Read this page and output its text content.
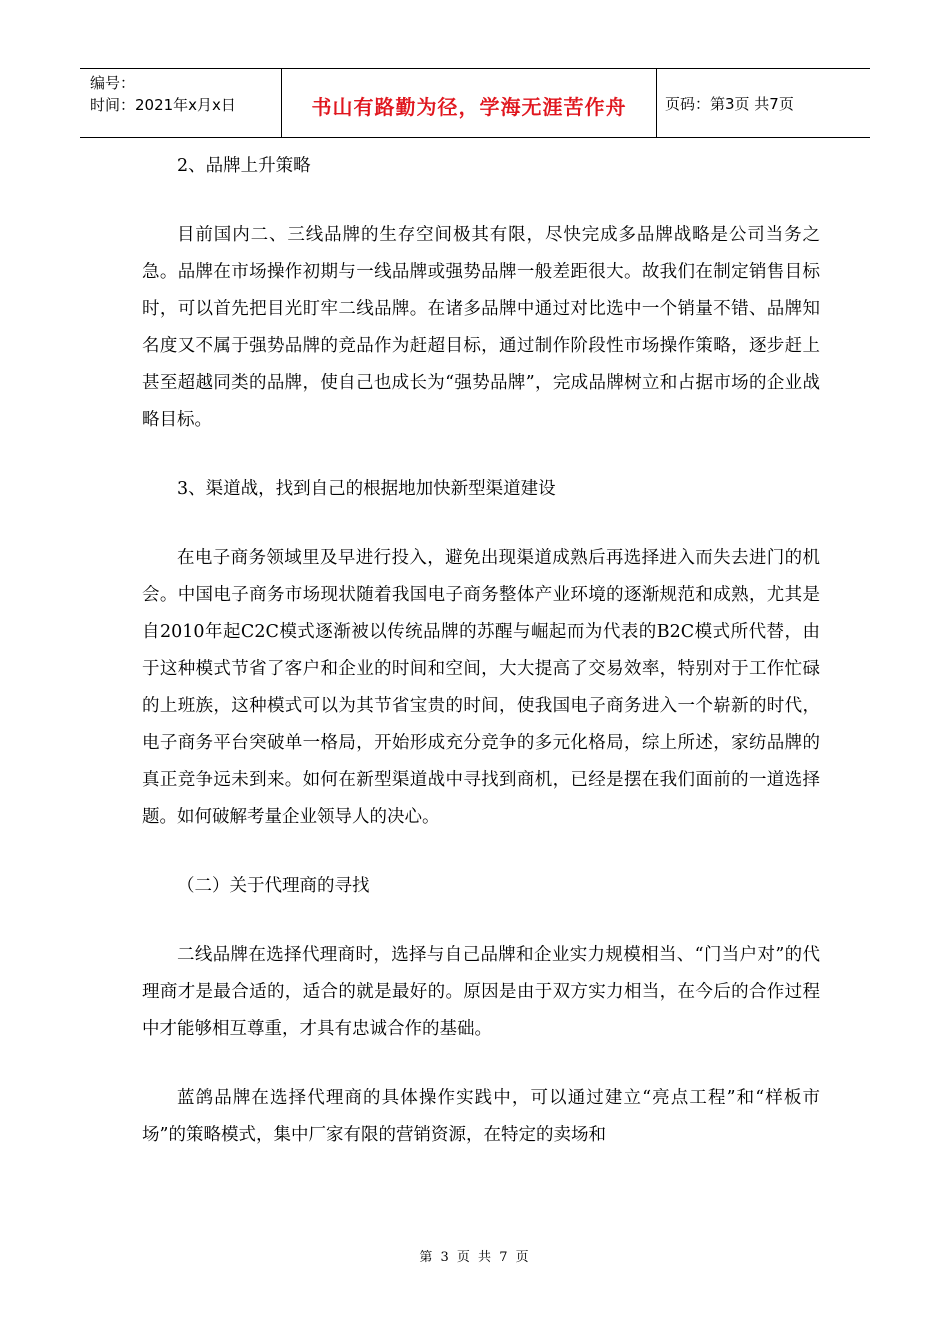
编号：
时间：2021年x月x日	书山有路勤为径，学海无涯苦作舟	页码：第3页 共7页

2、品牌上升策略

目前国内二、三线品牌的生存空间极其有限，尽快完成多品牌战略是公司当务之急。品牌在市场操作初期与一线品牌或强势品牌一般差距很大。故我们在制定销售目标时，可以首先把目光盯牢二线品牌。在诸多品牌中通过对比选中一个销量不错、品牌知名度又不属于强势品牌的竞品作为赶超目标，通过制作阶段性市场操作策略，逐步赶上甚至超越同类的品牌，使自己也成长为“强势品牌”，完成品牌树立和占据市场的企业战略目标。

3、渠道战，找到自己的根据地加快新型渠道建设

在电子商务领域里及早进行投入，避免出现渠道成熟后再选择进入而失去进门的机会。中国电子商务市场现状随着我国电子商务整体产业环境的逐渐规范和成熟，尤其是自2010年起C2C模式逐渐被以传统品牌的苏醒与崛起而为代表的B2C模式所代替，由于这种模式节省了客户和企业的时间和空间，大大提高了交易效率，特别对于工作忙碌的上班族，这种模式可以为其节省宝贵的时间，使我国电子商务进入一个崭新的时代，电子商务平台突破单一格局，开始形成充分竞争的多元化格局，综上所述，家纺品牌的真正竞争远未到来。如何在新型渠道战中寻找到商机，已经是摆在我们面前的一道选择题。如何破解考量企业领导人的决心。

（二）关于代理商的寻找

二线品牌在选择代理商时，选择与自己品牌和企业实力规模相当、“门当户对”的代理商才是最合适的，适合的就是最好的。原因是由于双方实力相当，在今后的合作过程中才能够相互尊重，才具有忠诚合作的基础。

蓝鸽品牌在选择代理商的具体操作实践中，可以通过建立“亮点工程”和“样板市场”的策略模式，集中厂家有限的营销资源，在特定的卖场和

第 3 页 共 7 页
